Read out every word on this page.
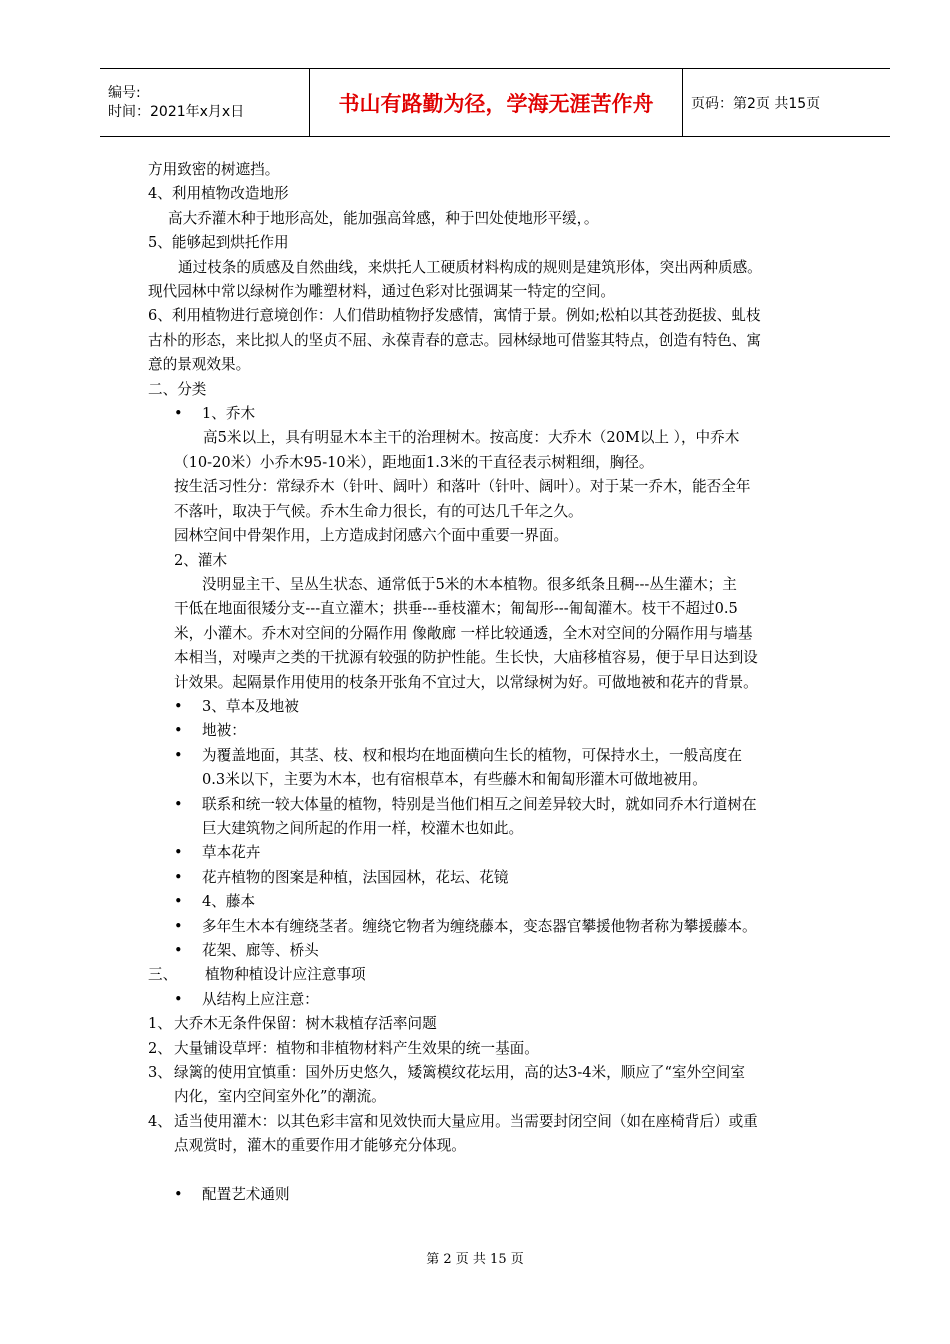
编号:
时间：2021年x月x日	书山有路勤为径，学海无涯苦作舟	页码：第2页 共15页
方用致密的树遮挡。
4、利用植物改造地形
高大乔灌木种于地形高处，能加强高耸感，种于凹处使地形平缓，。
5、能够起到烘托作用
通过枝条的质感及自然曲线，来烘托人工硬质材料构成的规则是建筑形体，突出两种质感。
现代园林中常以绿树作为雕塑材料，通过色彩对比强调某一特定的空间。
6、利用植物进行意境创作：人们借助植物抒发感情，寓情于景。例如;松柏以其苍劲挺拔、虬枝
古朴的形态，来比拟人的坚贞不屈、永葆青春的意志。园林绿地可借鉴其特点，创造有特色、寓
意的景观效果。
二、分类
• 1、乔木
高5米以上，具有明显木本主干的治理树木。按高度：大乔木（20M以上 ），中乔木
（10-20米）小乔木95-10米），距地面1.3米的干直径表示树粗细，胸径。
按生活习性分：常绿乔木（针叶、阔叶）和落叶（针叶、阔叶）。对于某一乔木，能否全年
不落叶，取决于气候。乔木生命力很长，有的可达几千年之久。
园林空间中骨架作用，上方造成封闭感六个面中重要一界面。
2、灌木
没明显主干、呈丛生状态、通常低于5米的木本植物。很多纸条且稠---丛生灌木；主
干低在地面很矮分支---直立灌木；拱垂---垂枝灌木；匍匐形---匍匐灌木。枝干不超过0.5
米，小灌木。乔木对空间的分隔作用 像敞廊 一样比较通透，全木对空间的分隔作用与墙基
本相当，对噪声之类的干扰源有较强的防护性能。生长快，大庙移植容易，便于早日达到设
计效果。起隔景作用使用的枝条开张角不宜过大，以常绿树为好。可做地被和花卉的背景。
• 3、草本及地被
• 地被：
• 为覆盖地面，其茎、枝、杈和根均在地面横向生长的植物，可保持水土，一般高度在
0.3米以下，主要为木本，也有宿根草本，有些藤木和匍匐形灌木可做地被用。
• 联系和统一较大体量的植物，特别是当他们相互之间差异较大时，就如同乔木行道树在
巨大建筑物之间所起的作用一样，校灌木也如此。
• 草本花卉
• 花卉植物的图案是种植，法国园林，花坛、花镜
• 4、藤本
• 多年生木本有缠绕茎者。缠绕它物者为缠绕藤本，变态器官攀援他物者称为攀援藤本。
• 花架、廊等、桥头
三、      植物种植设计应注意事项
• 从结构上应注意：
1、 大乔木无条件保留：树木栽植存活率问题
2、 大量铺设草坪：植物和非植物材料产生效果的统一基面。
3、 绿篱的使用宜慎重：国外历史悠久，矮篱模纹花坛用，高的达3-4米，顺应了“室外空间室
内化，室内空间室外化”的潮流。
4、 适当使用灌木：以其色彩丰富和见效快而大量应用。当需要封闭空间（如在座椅背后）或重
点观赏时，灌木的重要作用才能够充分体现。
• 配置艺术通则
第 2 页 共 15 页
